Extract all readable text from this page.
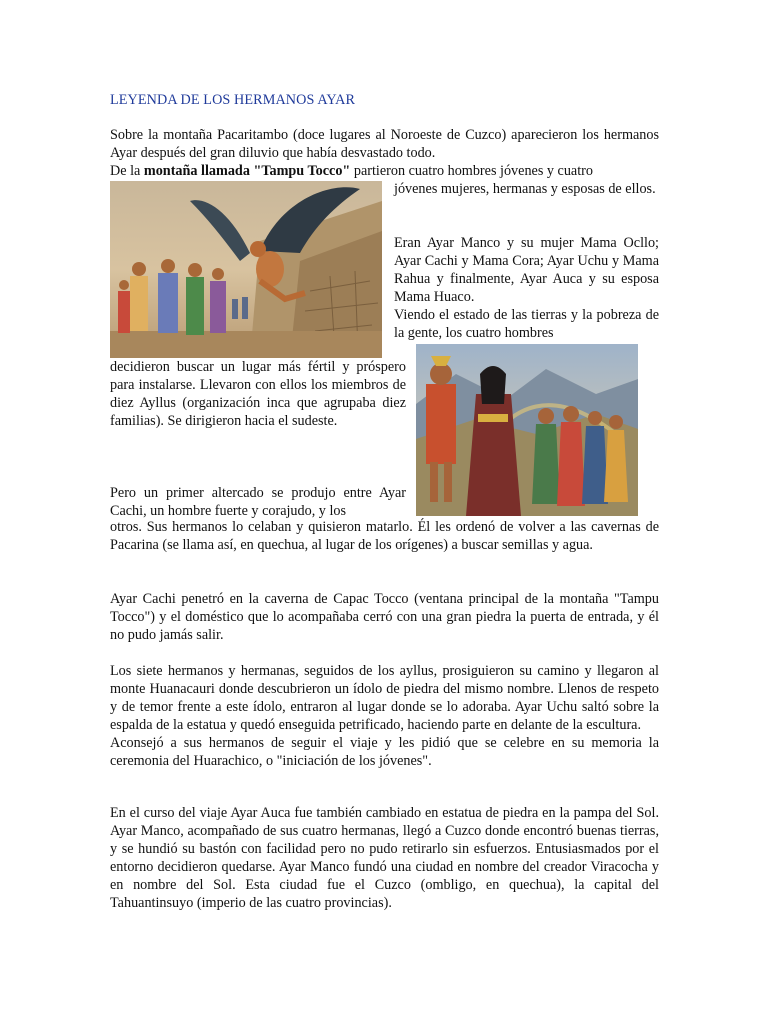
LEYENDA DE LOS HERMANOS AYAR

Sobre la montaña Pacaritambo (doce lugares al Noroeste de Cuzco) aparecieron los hermanos Ayar después del gran diluvio que había desvastado todo.

De la montaña llamada "Tampu Tocco" partieron cuatro hombres jóvenes y cuatro

jóvenes mujeres, hermanas y esposas de ellos.

Eran Ayar Manco y su mujer Mama Ocllo; Ayar Cachi y Mama Cora; Ayar Uchu y Mama Rahua y finalmente, Ayar Auca y su esposa Mama Huaco.

Viendo el estado de las tierras y la pobreza de la gente, los cuatro hombres

decidieron buscar un lugar más fértil y próspero para instalarse. Llevaron con ellos los miembros de diez Ayllus (organización inca que agrupaba diez familias). Se dirigieron hacia el sudeste.

Pero un primer altercado se produjo entre Ayar Cachi, un hombre fuerte y corajudo, y los

otros. Sus hermanos lo celaban y quisieron matarlo. Él les ordenó de volver a las cavernas de Pacarina (se llama así, en quechua, al lugar de los orígenes) a buscar semillas y agua.

Ayar Cachi penetró en la caverna de Capac Tocco (ventana principal de la montaña "Tampu Tocco") y el doméstico que lo acompañaba cerró con una gran piedra la puerta de entrada, y él no pudo jamás salir.

Los siete hermanos y hermanas, seguidos de los ayllus, prosiguieron su camino y llegaron al monte Huanacauri donde descubrieron un ídolo de piedra del mismo nombre. Llenos de respeto y de temor frente a este ídolo, entraron al lugar donde se lo adoraba. Ayar Uchu saltó sobre la espalda de la estatua y quedó enseguida petrificado, haciendo parte en delante de la escultura.

Aconsejó a sus hermanos de seguir el viaje y les pidió que se celebre en su memoria la ceremonia del Huarachico, o "iniciación de los jóvenes".

En el curso del viaje Ayar Auca fue también cambiado en estatua de piedra en la pampa del Sol. Ayar Manco, acompañado de sus cuatro hermanas, llegó a Cuzco donde encontró buenas tierras, y se hundió su bastón con facilidad pero no pudo retirarlo sin esfuerzos. Entusiasmados por el entorno decidieron quedarse. Ayar Manco fundó una ciudad en nombre del creador Viracocha y en nombre del Sol. Esta ciudad fue el Cuzco (ombligo, en quechua), la capital del Tahuantinsuyo (imperio de las cuatro provincias).
